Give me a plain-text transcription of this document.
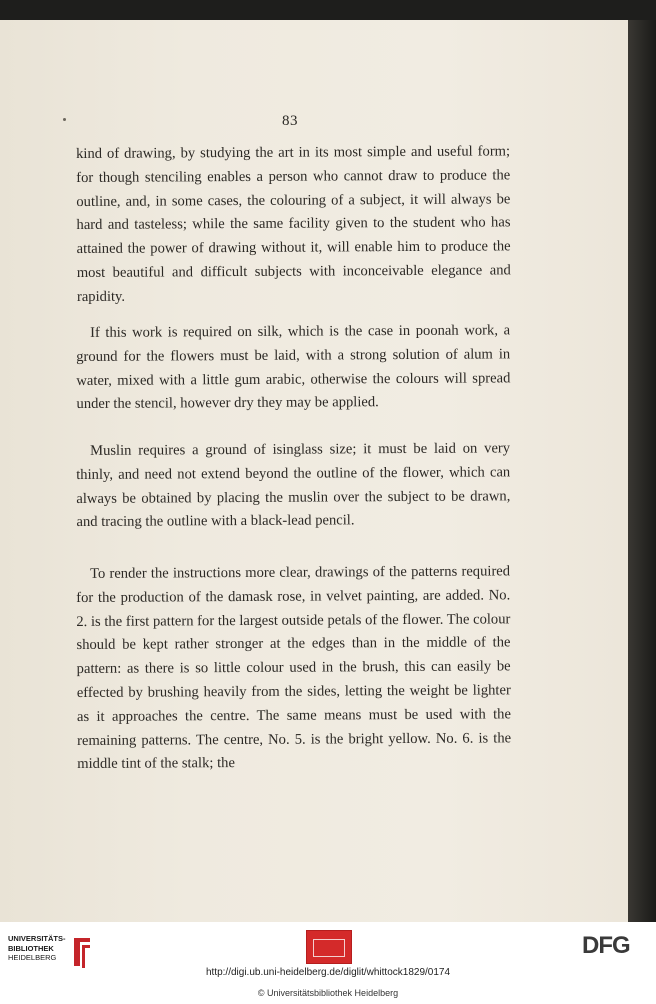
83

kind of drawing, by studying the art in its most simple and useful form; for though stenciling enables a person who cannot draw to produce the outline, and, in some cases, the colouring of a subject, it will always be hard and tasteless; while the same facility given to the student who has attained the power of drawing without it, will enable him to produce the most beautiful and difficult subjects with inconceivable elegance and rapidity.

If this work is required on silk, which is the case in poonah work, a ground for the flowers must be laid, with a strong solution of alum in water, mixed with a little gum arabic, otherwise the colours will spread under the stencil, however dry they may be applied.

Muslin requires a ground of isinglass size; it must be laid on very thinly, and need not extend beyond the outline of the flower, which can always be obtained by placing the muslin over the subject to be drawn, and tracing the outline with a black-lead pencil.

To render the instructions more clear, drawings of the patterns required for the production of the damask rose, in velvet painting, are added. No. 2. is the first pattern for the largest outside petals of the flower. The colour should be kept rather stronger at the edges than in the middle of the pattern: as there is so little colour used in the brush, this can easily be effected by brushing heavily from the sides, letting the weight be lighter as it approaches the centre. The same means must be used with the remaining patterns. The centre, No. 5. is the bright yellow. No. 6. is the middle tint of the stalk; the

UNIVERSITÄTS-
BIBLIOTHEK
HEIDELBERG	DFG
http://digi.ub.uni-heidelberg.de/diglit/whittock1829/0174
© Universitätsbibliothek Heidelberg
